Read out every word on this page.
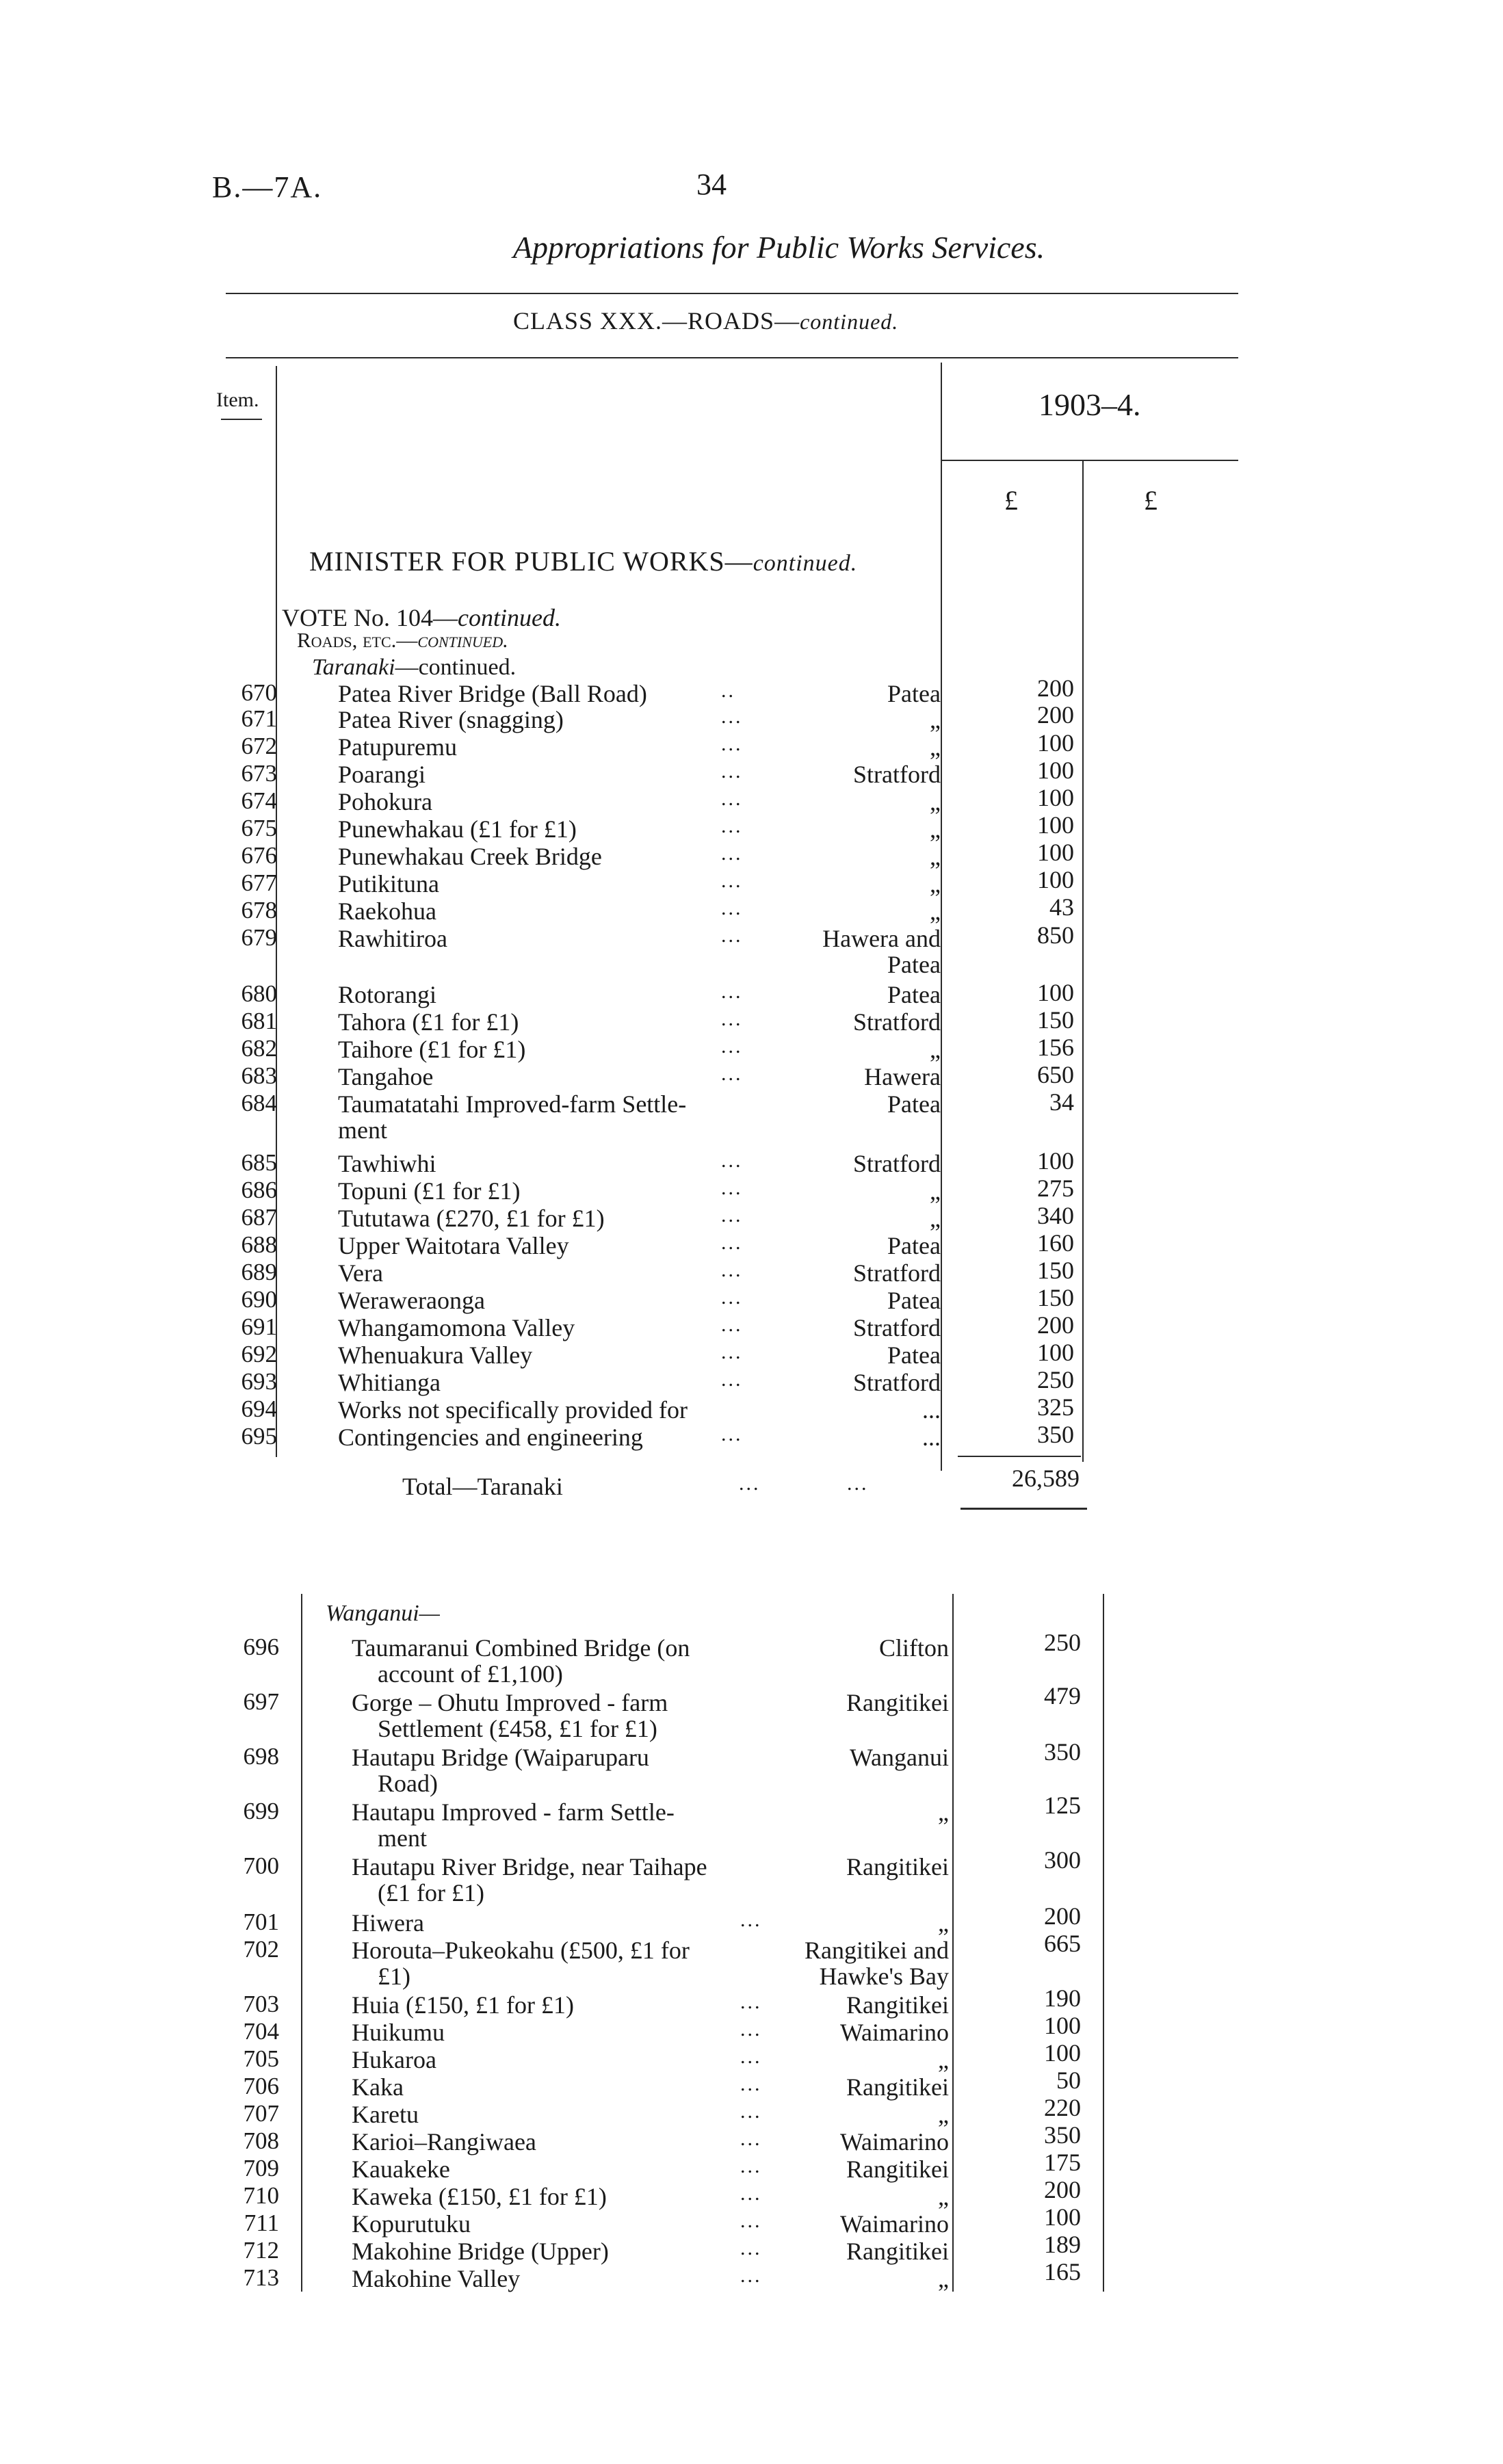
B.—7A.	34
Appropriations for Public Works Services.
CLASS XXX.—ROADS—continued.
Item.	1903–4.
£	£
MINISTER FOR PUBLIC WORKS—continued.
VOTE No. 104—continued.
Roads, etc.—continued.
Taranaki—continued.
670 Patea River Bridge (Ball Road)	..	Patea	200
671 Patea River (snagging)	...	„	200
672 Patupuremu	...	„	100
673 Poarangi	...	Stratford	100
674 Pohokura	...	„	100
675 Punewhakau (£1 for £1)	...	„	100
676 Punewhakau Creek Bridge	...	„	100
677 Putikituna	...	„	100
678 Raekohua	...	„	43
679 Rawhitiroa	...	Hawera and	850
Patea
680 Rotorangi	...	Patea	100
681 Tahora (£1 for £1)	...	Stratford	150
682 Taihore (£1 for £1)	...	„	156
683 Tangahoe	...	Hawera	650
684 Taumatatahi Improved-farm Settle-	Patea	34
ment
685 Tawhiwhi	...	Stratford	100
686 Topuni (£1 for £1)	...	„	275
687 Tututawa (£270, £1 for £1)	...	„	340
688 Upper Waitotara Valley	...	Patea	160
689 Vera	...	Stratford	150
690 Weraweraonga	...	Patea	150
691 Whangamomona Valley	...	Stratford	200
692 Whenuakura Valley	...	Patea	100
693 Whitianga	...	Stratford	250
694 Works not specifically provided for	...	325
695 Contingencies and engineering	...	...	350
Total—Taranaki	...	...	26,589
Wanganui—
696	Taumaranui Combined Bridge (on	Clifton	250
account of £1,100)
697	Gorge – Ohutu Improved - farm	Rangitikei	479
Settlement (£458, £1 for £1)
698	Hautapu Bridge (Waiparuparu	Wanganui	350
Road)
699	Hautapu Improved - farm Settle-	„	125
ment
700	Hautapu River Bridge, near Taihape	Rangitikei	300
(£1 for £1)
701	Hiwera	...	„	200
702	Horouta–Pukeokahu (£500, £1 for	Rangitikei and	665
£1)	Hawke's Bay
703	Huia (£150, £1 for £1)	...	Rangitikei	190
704	Huikumu	...	Waimarino	100
705	Hukaroa	...	„	100
706	Kaka	...	Rangitikei	50
707	Karetu	...	„	220
708	Karioi–Rangiwaea	...	Waimarino	350
709	Kauakeke	...	Rangitikei	175
710	Kaweka (£150, £1 for £1)	...	„	200
711	Kopurutuku	...	Waimarino	100
712	Makohine Bridge (Upper)	...	Rangitikei	189
713	Makohine Valley	...	„	165
